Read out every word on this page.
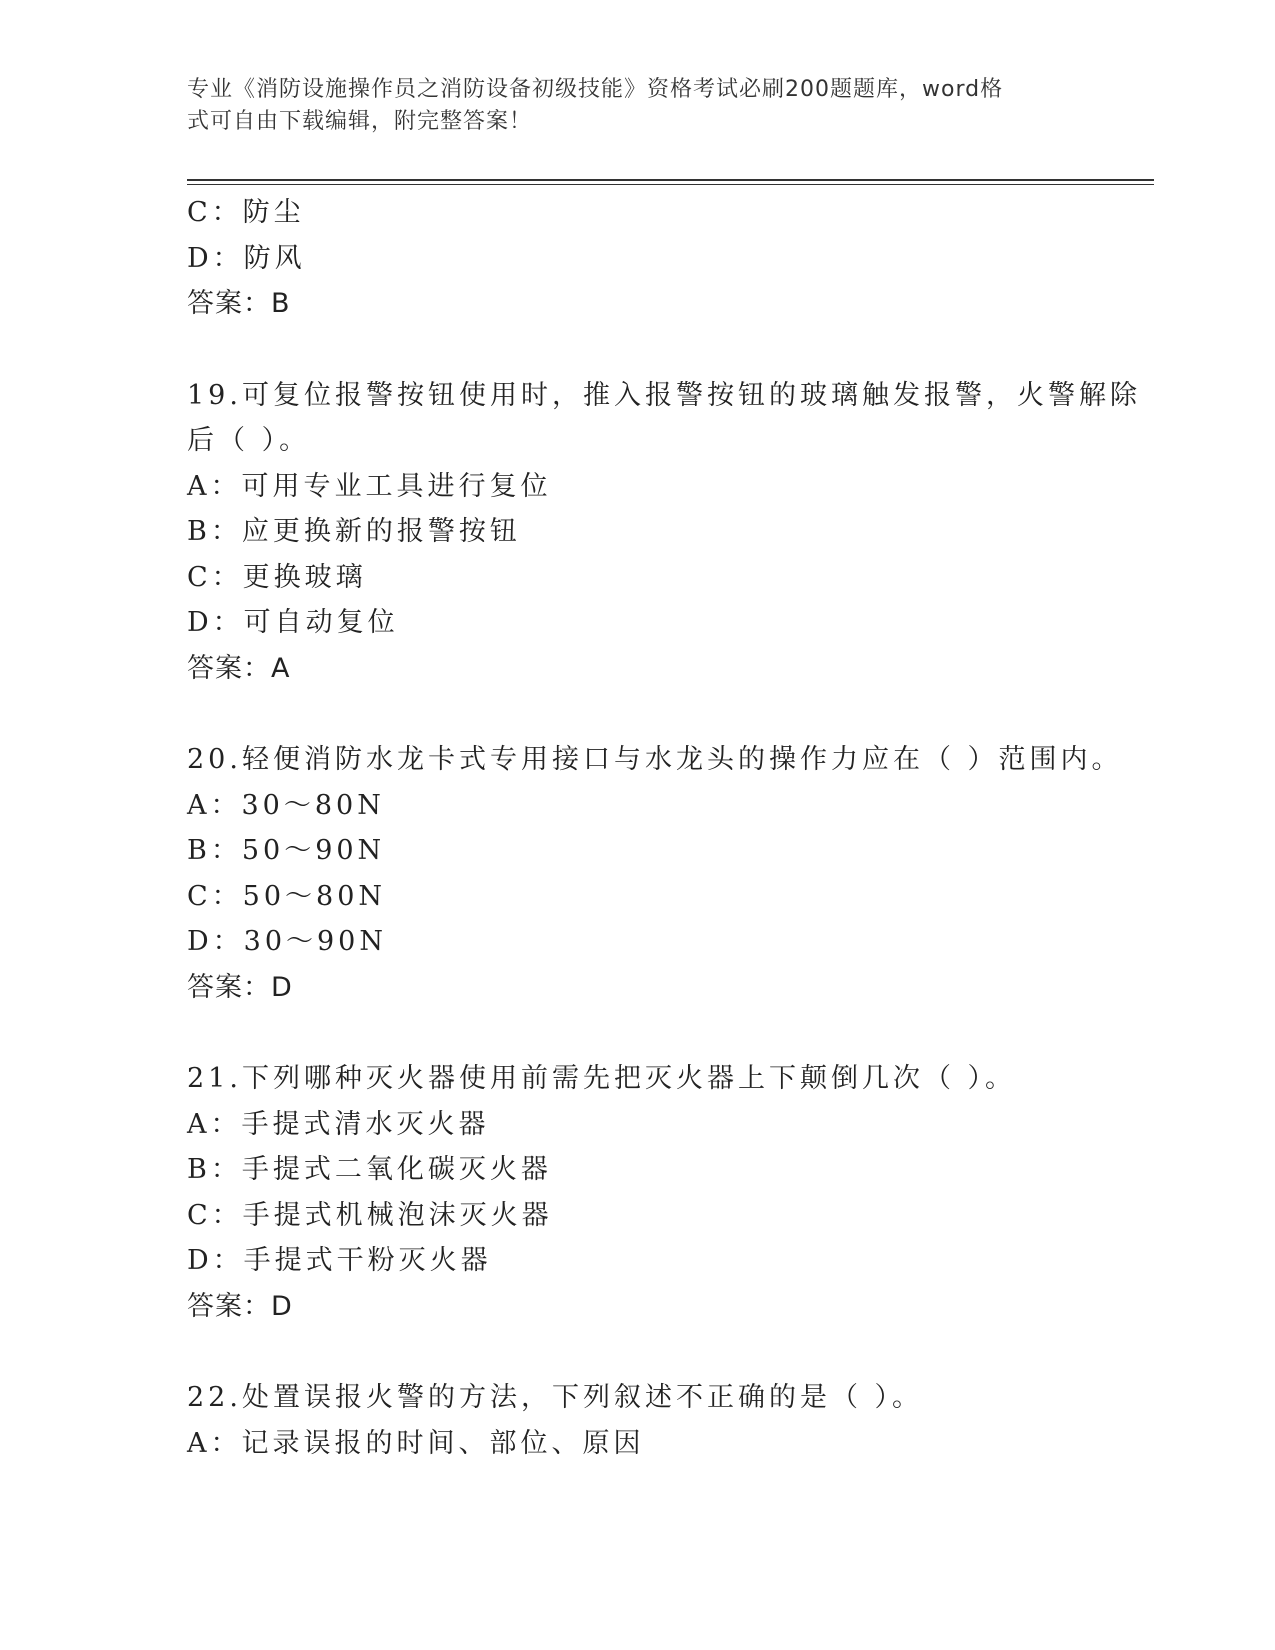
专业《消防设施操作员之消防设备初级技能》资格考试必刷200题题库，word格
式可自由下载编辑，附完整答案！
C：防尘
D：防风
答案：B
19.可复位报警按钮使用时，推入报警按钮的玻璃触发报警，火警解除
后（ ）。
A：可用专业工具进行复位
B：应更换新的报警按钮
C：更换玻璃
D：可自动复位
答案：A
20.轻便消防水龙卡式专用接口与水龙头的操作力应在（ ）范围内。
A：30～80N
B：50～90N
C：50～80N
D：30～90N
答案：D
21.下列哪种灭火器使用前需先把灭火器上下颠倒几次（ ）。
A：手提式清水灭火器
B：手提式二氧化碳灭火器
C：手提式机械泡沫灭火器
D：手提式干粉灭火器
答案：D
22.处置误报火警的方法，下列叙述不正确的是（ ）。
A：记录误报的时间、部位、原因
